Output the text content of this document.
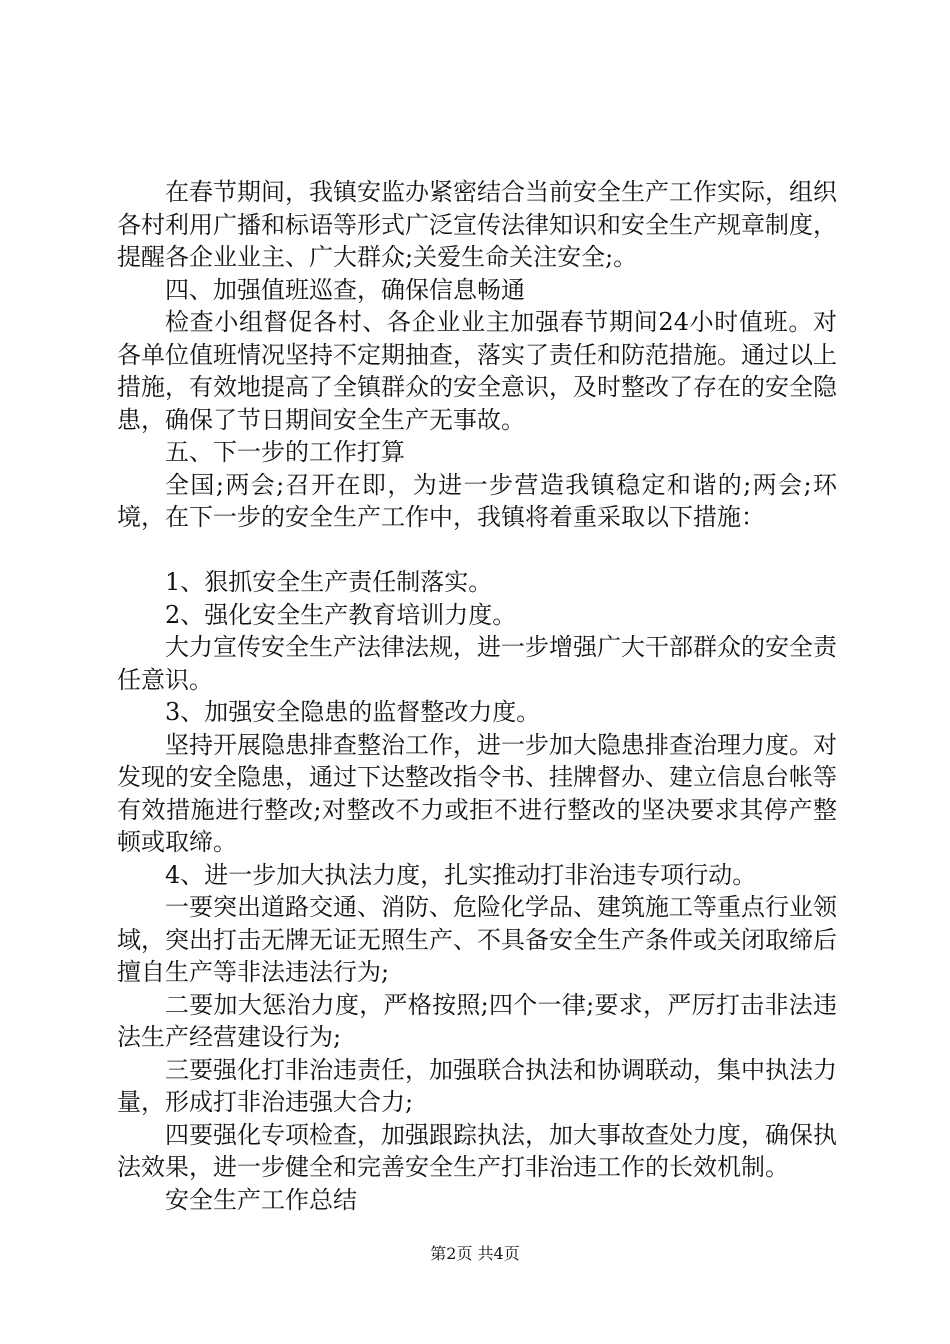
在春节期间，我镇安监办紧密结合当前安全生产工作实际，组织各村利用广播和标语等形式广泛宣传法律知识和安全生产规章制度，提醒各企业业主、广大群众;关爱生命关注安全;。

四、加强值班巡查，确保信息畅通

检查小组督促各村、各企业业主加强春节期间24小时值班。对各单位值班情况坚持不定期抽查，落实了责任和防范措施。通过以上措施，有效地提高了全镇群众的安全意识，及时整改了存在的安全隐患，确保了节日期间安全生产无事故。

五、下一步的工作打算

全国;两会;召开在即，为进一步营造我镇稳定和谐的;两会;环境，在下一步的安全生产工作中，我镇将着重采取以下措施：

1、狠抓安全生产责任制落实。

2、强化安全生产教育培训力度。

大力宣传安全生产法律法规，进一步增强广大干部群众的安全责任意识。

3、加强安全隐患的监督整改力度。

坚持开展隐患排查整治工作，进一步加大隐患排查治理力度。对发现的安全隐患，通过下达整改指令书、挂牌督办、建立信息台帐等有效措施进行整改;对整改不力或拒不进行整改的坚决要求其停产整顿或取缔。

4、进一步加大执法力度，扎实推动打非治违专项行动。

一要突出道路交通、消防、危险化学品、建筑施工等重点行业领域，突出打击无牌无证无照生产、不具备安全生产条件或关闭取缔后擅自生产等非法违法行为;

二要加大惩治力度，严格按照;四个一律;要求，严厉打击非法违法生产经营建设行为;

三要强化打非治违责任，加强联合执法和协调联动，集中执法力量，形成打非治违强大合力;

四要强化专项检查，加强跟踪执法，加大事故查处力度，确保执法效果，进一步健全和完善安全生产打非治违工作的长效机制。

安全生产工作总结

第2页 共4页
